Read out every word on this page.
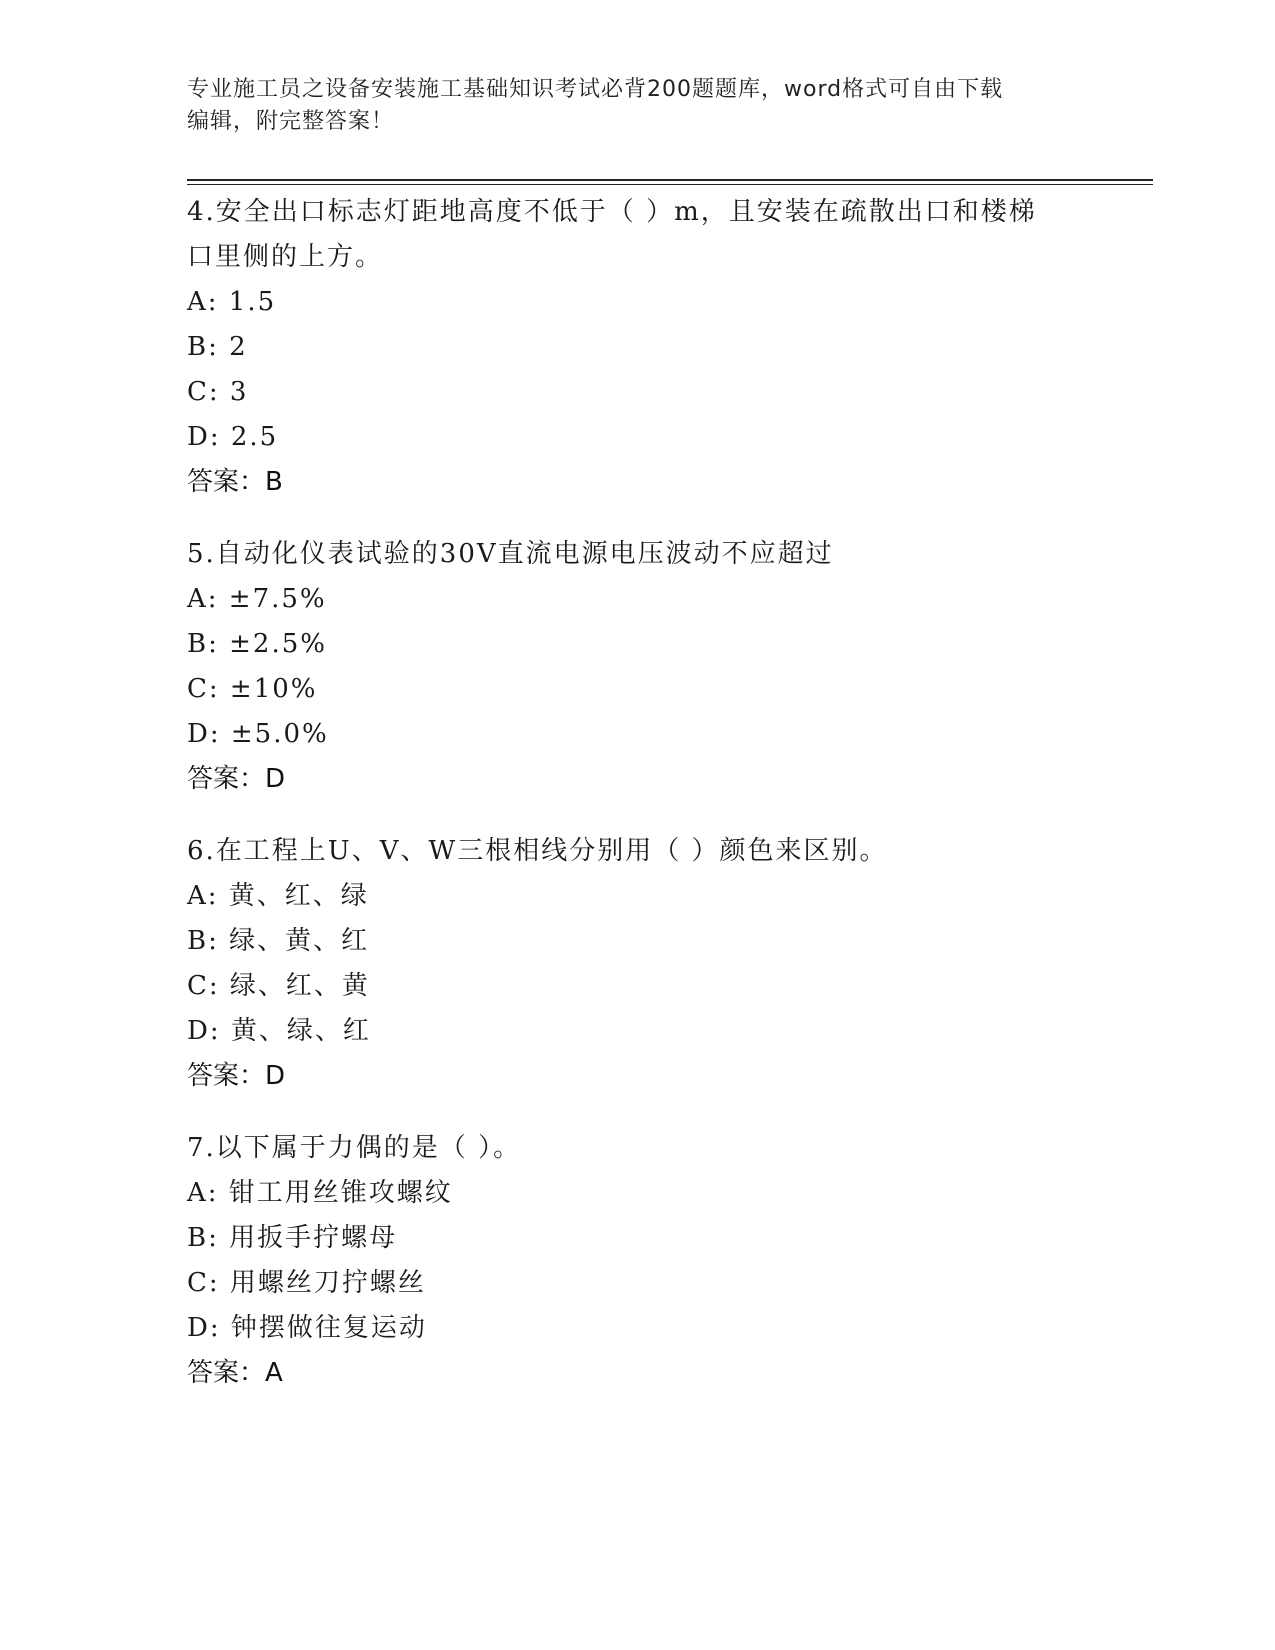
专业施工员之设备安装施工基础知识考试必背200题题库，word格式可自由下载
编辑，附完整答案！

4.安全出口标志灯距地高度不低于（ ）m，且安装在疏散出口和楼梯

口里侧的上方。

A: 1.5

B: 2

C: 3

D: 2.5

答案：B

5.自动化仪表试验的30V直流电源电压波动不应超过

A: ±7.5%

B: ±2.5%

C: ±10%

D: ±5.0%

答案：D

6.在工程上U、V、W三根相线分别用（ ）颜色来区别。

A: 黄、红、绿

B: 绿、黄、红

C: 绿、红、黄

D: 黄、绿、红

答案：D

7.以下属于力偶的是（ ）。

A: 钳工用丝锥攻螺纹

B: 用扳手拧螺母

C: 用螺丝刀拧螺丝

D: 钟摆做往复运动

答案：A
